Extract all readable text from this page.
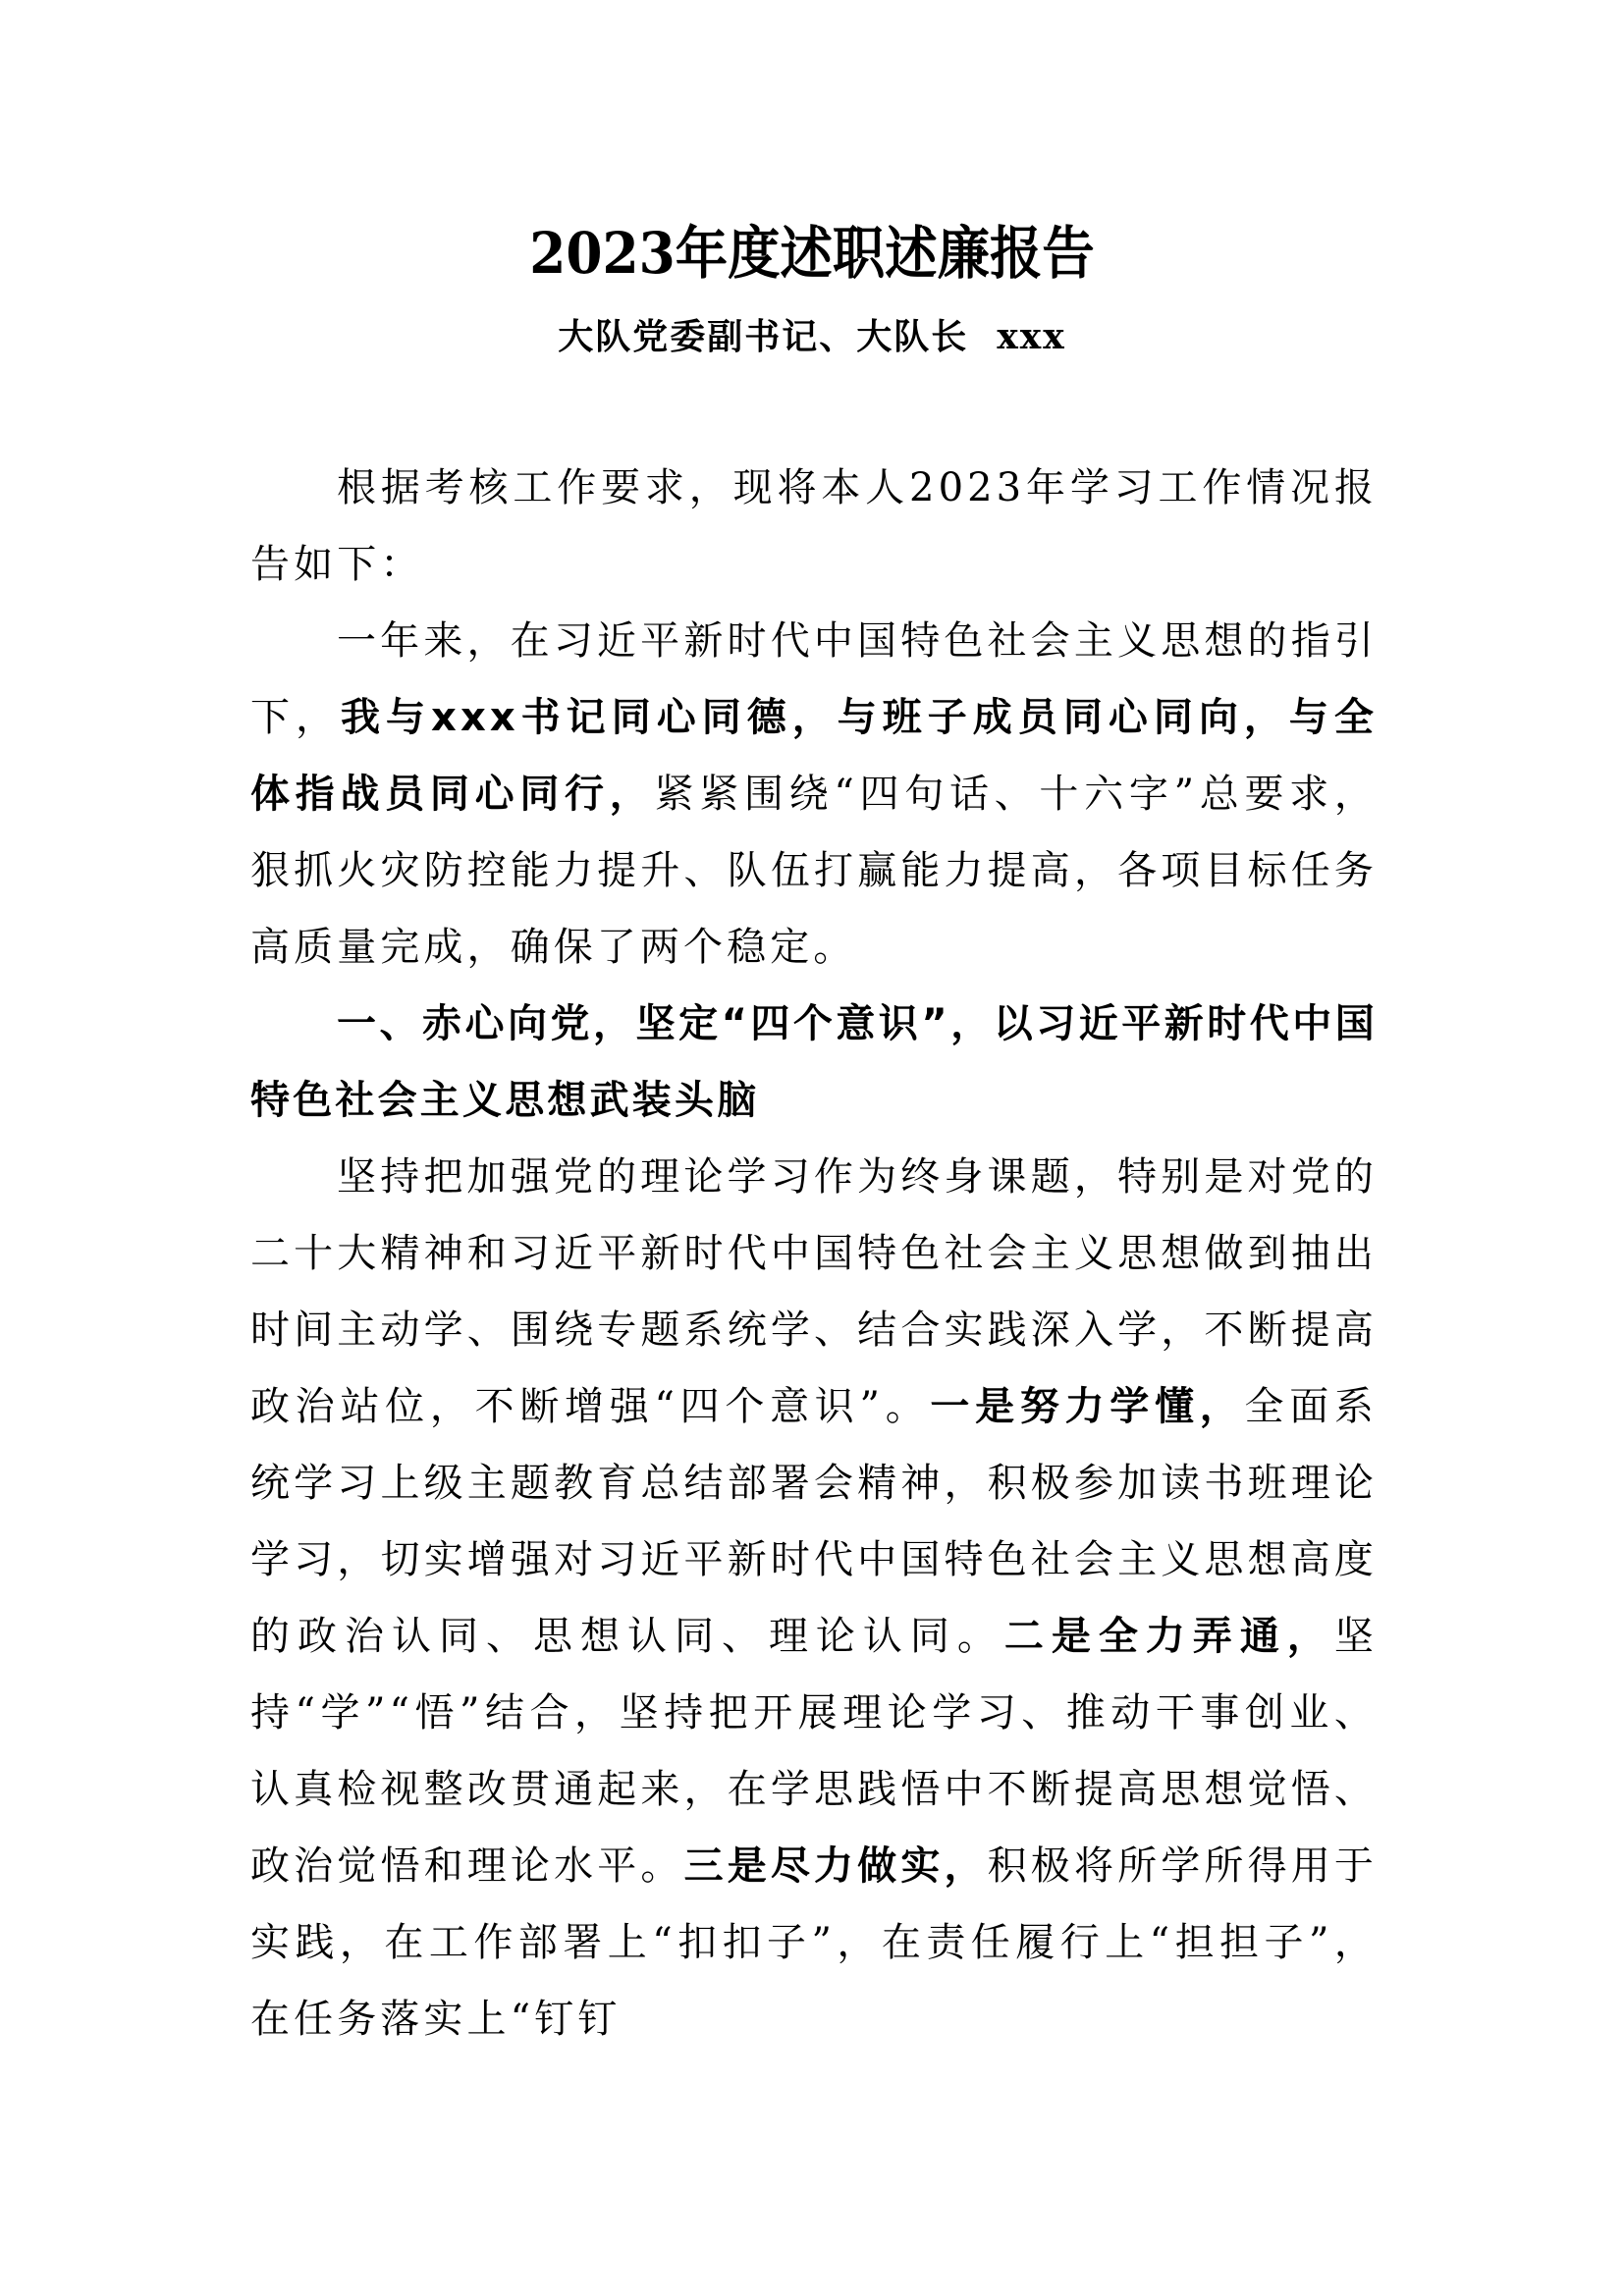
2023年度述职述廉报告
大队党委副书记、大队长  xxx

根据考核工作要求，现将本人2023年学习工作情况报告如下：

一年来，在习近平新时代中国特色社会主义思想的指引下，我与xxx书记同心同德，与班子成员同心同向，与全体指战员同心同行，紧紧围绕“四句话、十六字”总要求，狠抓火灾防控能力提升、队伍打赢能力提高，各项目标任务高质量完成，确保了两个稳定。

一、赤心向党，坚定“四个意识”，以习近平新时代中国特色社会主义思想武装头脑

坚持把加强党的理论学习作为终身课题，特别是对党的二十大精神和习近平新时代中国特色社会主义思想做到抽出时间主动学、围绕专题系统学、结合实践深入学，不断提高政治站位，不断增强“四个意识”。一是努力学懂，全面系统学习上级主题教育总结部署会精神，积极参加读书班理论学习，切实增强对习近平新时代中国特色社会主义思想高度的政治认同、思想认同、理论认同。二是全力弄通，坚持“学”“悟”结合，坚持把开展理论学习、推动干事创业、认真检视整改贯通起来，在学思践悟中不断提高思想觉悟、政治觉悟和理论水平。三是尽力做实，积极将所学所得用于实践，在工作部署上“扣扣子”，在责任履行上“担担子”，在任务落实上“钉钉
